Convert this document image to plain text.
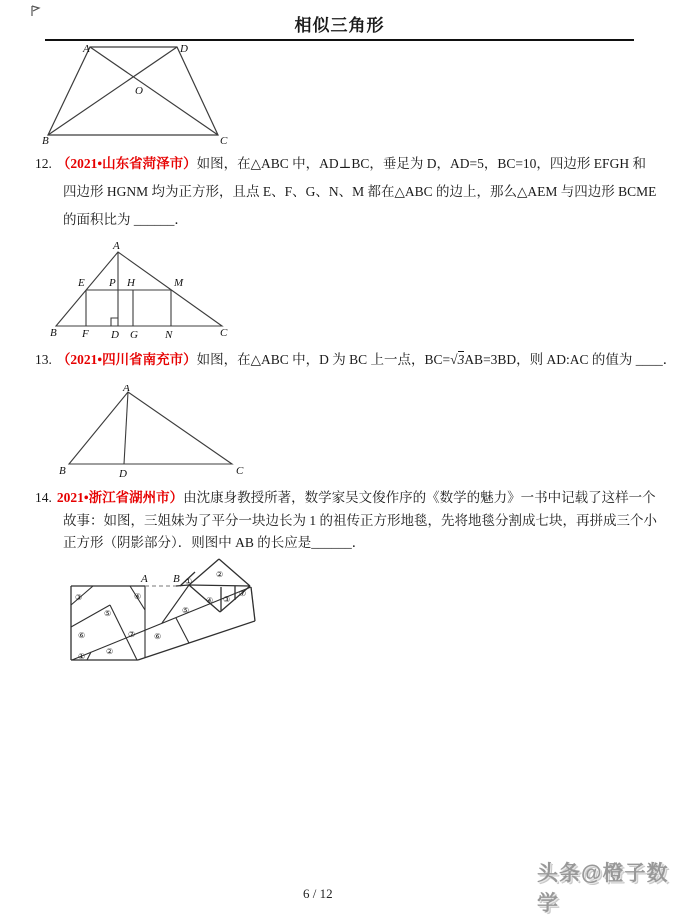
相似三角形
A	D
B	C
O
12. （2021•山东省菏泽市）如图，在△ABC 中，AD⊥BC，垂足为 D，AD=5，BC=10，四边形 EFGH 和
四边形 HGNM 均为正方形，且点 E、F、G、N、M 都在△ABC 的边上，那么△AEM 与四边形 BCME
的面积比为 ______．
A
E P H	M
B F D G N	C
13. （2021•四川省南充市）如图，在△ABC 中，D 为 BC 上一点，BC=√3AB=3BD，则 AD:AC 的值为 ____．
A
B	D	C
14. 2021•浙江省湖州市）由沈康身教授所著，数学家吴文俊作序的《数学的魅力》一书中记载了这样一个
故事：如图，三姐妹为了平分一块边长为 1 的祖传正方形地毯，先将地毯分割成七块，再拼成三个小
正方形（阴影部分）．则图中 AB 的长应是______．
A B
③
⑤
④
⑥	⑦
②
①
①
②
④ ③
⑦
⑤
⑥
6 / 12
头条@橙子数学
